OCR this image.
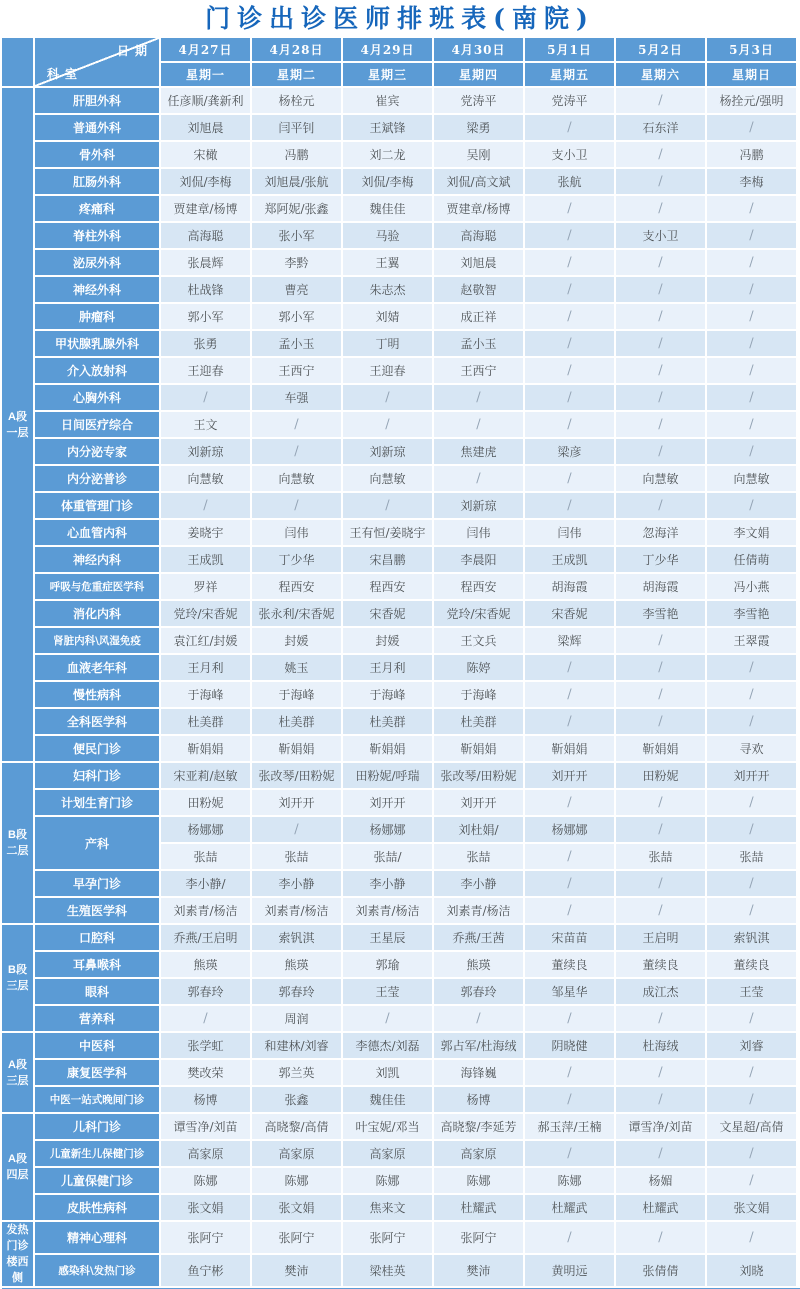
门诊出诊医师排班表(南院)

	日期
科室	4月27日	4月28日	4月29日	4月30日	5月1日	5月2日	5月3日
		星期一	星期二	星期三	星期四	星期五	星期六	星期日

A段
一层	肝胆外科	任彦顺/龚新利	杨栓元	崔宾	党涛平	党涛平	/	杨拴元/强明
	普通外科	刘旭晨	闫平钊	王斌锋	梁勇	/	石东洋	/
	骨外科	宋橄	冯鹏	刘二龙	吴刚	支小卫	/	冯鹏
	肛肠外科	刘侃/李梅	刘旭晨/张航	刘侃/李梅	刘侃/高文斌	张航	/	李梅
	疼痛科	贾建章/杨博	郑阿妮/张鑫	魏佳佳	贾建章/杨博	/	/	/
	脊柱外科	高海聪	张小军	马验	高海聪	/	支小卫	/
	泌尿外科	张晨辉	李黔	王翼	刘旭晨	/	/	/
	神经外科	杜战锋	曹亮	朱志杰	赵敬智	/	/	/
	肿瘤科	郭小军	郭小军	刘婧	成正祥	/	/	/
	甲状腺乳腺外科	张勇	孟小玉	丁明	孟小玉	/	/	/
	介入放射科	王迎春	王西宁	王迎春	王西宁	/	/	/
	心胸外科	/	车强	/	/	/	/	/
	日间医疗综合	王文	/	/	/	/	/	/
	内分泌专家	刘新琼	/	刘新琼	焦建虎	梁彦	/	/
	内分泌普诊	向慧敏	向慧敏	向慧敏	/	/	向慧敏	向慧敏
	体重管理门诊	/	/	/	刘新琼	/	/	/
	心血管内科	姜晓宇	闫伟	王有恒/姜晓宇	闫伟	闫伟	忽海洋	李文娟
	神经内科	王成凯	丁少华	宋昌鹏	李晨阳	王成凯	丁少华	任倩萌
	呼吸与危重症医学科	罗祥	程西安	程西安	程西安	胡海霞	胡海霞	冯小燕
	消化内科	党玲/宋香妮	张永利/宋香妮	宋香妮	党玲/宋香妮	宋香妮	李雪艳	李雪艳
	肾脏内科\风湿免疫	袁江红/封媛	封媛	封媛	王文兵	梁辉	/	王翠霞
	血液老年科	王月利	姚玉	王月利	陈婷	/	/	/
	慢性病科	于海峰	于海峰	于海峰	于海峰	/	/	/
	全科医学科	杜美群	杜美群	杜美群	杜美群	/	/	/
	便民门诊	靳娟娟	靳娟娟	靳娟娟	靳娟娟	靳娟娟	靳娟娟	寻欢

B段
二层	妇科门诊	宋亚莉/赵敏	张改琴/田粉妮	田粉妮/呼瑞	张改琴/田粉妮	刘开开	田粉妮	刘开开
	计划生育门诊	田粉妮	刘开开	刘开开	刘开开	/	/	/
	产科	杨娜娜	/	杨娜娜	刘杜娟/	杨娜娜	/	/
		张喆	张喆	张喆/	张喆	/	张喆	张喆
	早孕门诊	李小静/	李小静	李小静	李小静	/	/	/
	生殖医学科	刘素青/杨洁	刘素青/杨洁	刘素青/杨洁	刘素青/杨洁	/	/	/

B段
三层	口腔科	乔燕/王启明	索钒淇	王星辰	乔燕/王茜	宋苗苗	王启明	索钒淇
	耳鼻喉科	熊瑛	熊瑛	郭瑜	熊瑛	董续良	董续良	董续良
	眼科	郭春玲	郭春玲	王莹	郭春玲	邹星华	成江杰	王莹
	营养科	/	周润	/	/	/	/	/

A段
三层	中医科	张学虹	和建林/刘睿	李德杰/刘磊	郭占军/杜海绒	阴晓健	杜海绒	刘睿
	康复医学科	樊改荣	郭兰英	刘凯	海锋巍	/	/	/
	中医一站式晚间门诊	杨博	张鑫	魏佳佳	杨博	/	/	/

A段
四层	儿科门诊	谭雪净/刘苗	高晓黎/高倩	叶宝妮/邓当	高晓黎/李延芳	郝玉萍/王楠	谭雪净/刘苗	文星超/高倩
	儿童新生儿保健门诊	高家原	高家原	高家原	高家原	/	/	/
	儿童保健门诊	陈娜	陈娜	陈娜	陈娜	陈娜	杨媚	/
	皮肤性病科	张文娟	张文娟	焦来文	杜耀武	杜耀武	杜耀武	张文娟

发热
门诊
楼西
侧	精神心理科	张阿宁	张阿宁	张阿宁	张阿宁	/	/	/
	感染科\发热门诊	鱼宁彬	樊沛	梁桂英	樊沛	黄明远	张倩倩	刘晓
